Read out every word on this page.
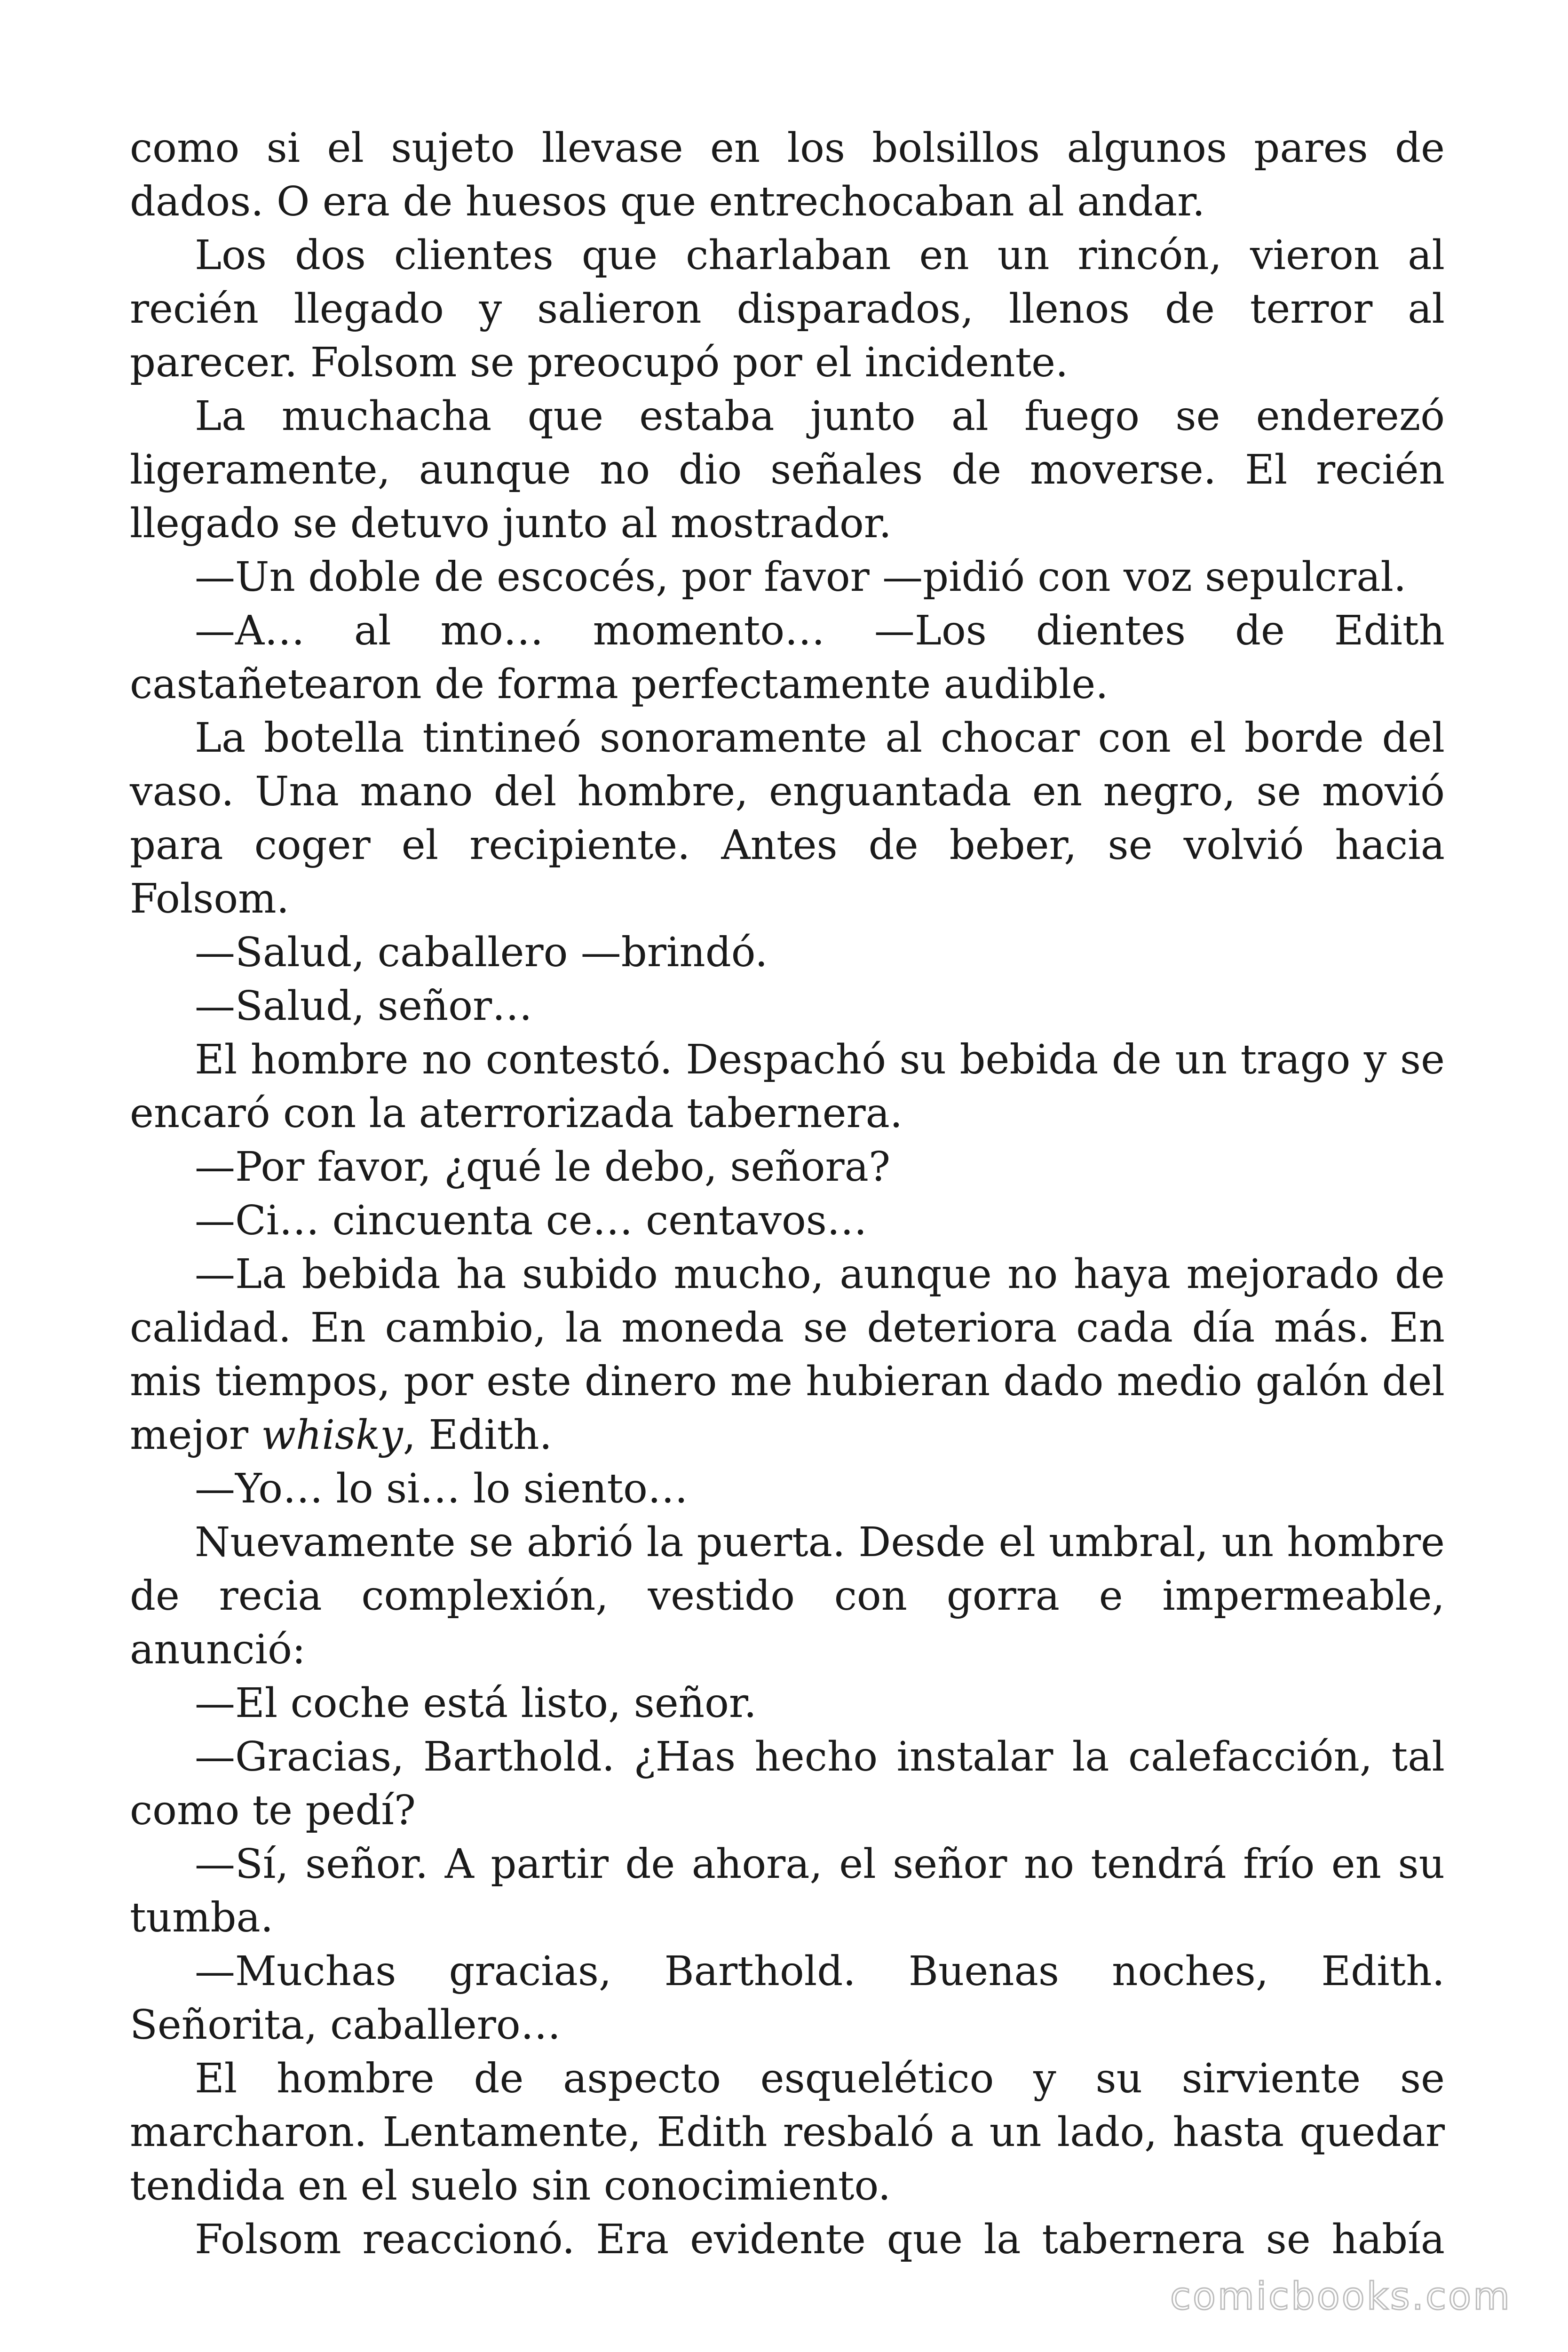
como si el sujeto llevase en los bolsillos algunos pares de dados. O era de huesos que entrechocaban al andar.

Los dos clientes que charlaban en un rincón, vieron al recién llegado y salieron disparados, llenos de terror al parecer. Folsom se preocupó por el incidente.

La muchacha que estaba junto al fuego se enderezó ligeramente, aunque no dio señales de moverse. El recién llegado se detuvo junto al mostrador.

—Un doble de escocés, por favor —pidió con voz sepulcral.

—A… al mo… momento… —Los dientes de Edith castañetearon de forma perfectamente audible.

La botella tintineó sonoramente al chocar con el borde del vaso. Una mano del hombre, enguantada en negro, se movió para coger el recipiente. Antes de beber, se volvió hacia Folsom.

—Salud, caballero —brindó.

—Salud, señor…

El hombre no contestó. Despachó su bebida de un trago y se encaró con la aterrorizada tabernera.

—Por favor, ¿qué le debo, señora?

—Ci… cincuenta ce… centavos…

—La bebida ha subido mucho, aunque no haya mejorado de calidad. En cambio, la moneda se deteriora cada día más. En mis tiempos, por este dinero me hubieran dado medio galón del mejor whisky, Edith.

—Yo… lo si… lo siento…

Nuevamente se abrió la puerta. Desde el umbral, un hombre de recia complexión, vestido con gorra e impermeable, anunció:

—El coche está listo, señor.

—Gracias, Barthold. ¿Has hecho instalar la calefacción, tal como te pedí?

—Sí, señor. A partir de ahora, el señor no tendrá frío en su tumba.

—Muchas gracias, Barthold. Buenas noches, Edith. Señorita, caballero…

El hombre de aspecto esquelético y su sirviente se marcharon. Lentamente, Edith resbaló a un lado, hasta quedar tendida en el suelo sin conocimiento.

Folsom reaccionó. Era evidente que la tabernera se había

comicbooks.com
